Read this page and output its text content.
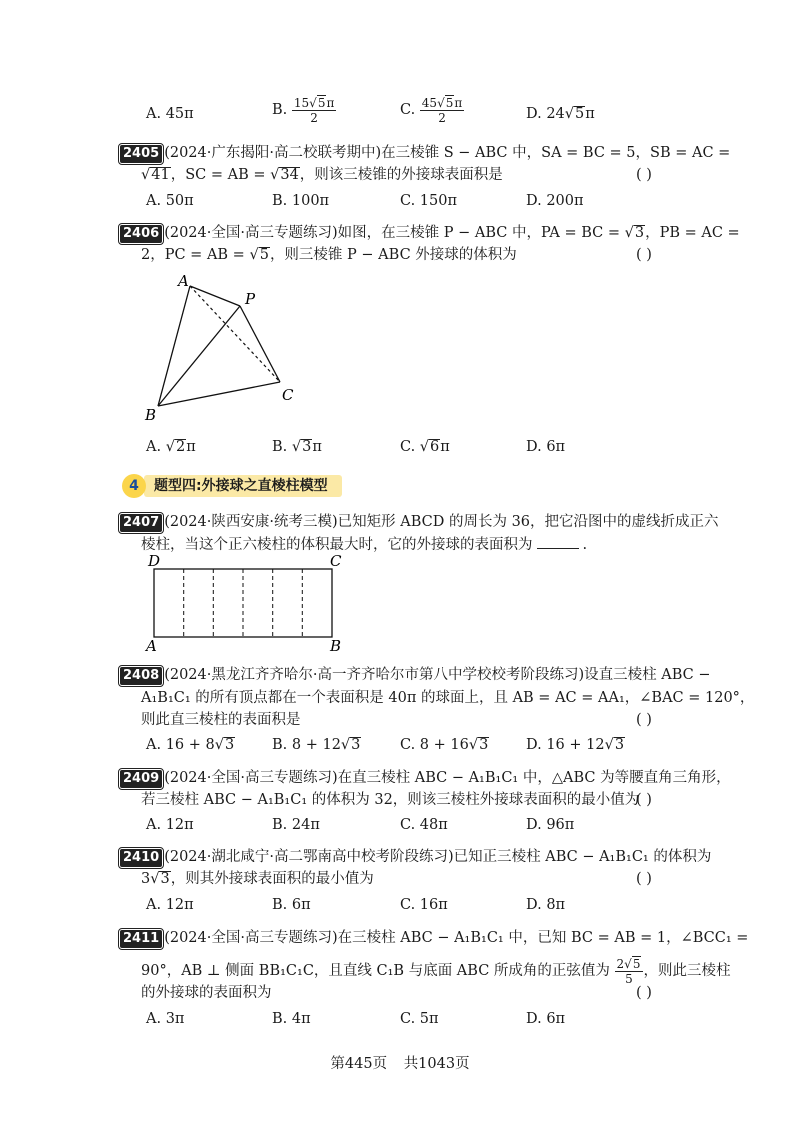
A. 45π	B. $\frac{15√5\pi}{2}$	C. $\frac{45√5\pi}{2}$	D. 24√5π
2405 (2024·广东揭阳·高二校联考期中)在三棱锥 S − ABC 中，SA = BC = 5，SB = AC =
√41，SC = AB = √34，则该三棱锥的外接球表面积是	( )
A. 50π	B. 100π	C. 150π	D. 200π
2406 (2024·全国·高三专题练习)如图，在三棱锥 P − ABC 中，PA = BC = √3，PB = AC =
2，PC = AB = √5，则三棱锥 P − ABC 外接球的体积为	( )
A
P
B
C
A. √2π	B. √3π	C. √6π	D. 6π
题型四:外接球之直棱柱模型
4
2407 (2024·陕西安康·统考三模)已知矩形 ABCD 的周长为 36，把它沿图中的虚线折成正六
棱柱，当这个正六棱柱的体积最大时，它的外接球的表面积为	.
D	C
A	B
2408 (2024·黑龙江齐齐哈尔·高一齐齐哈尔市第八中学校校考阶段练习)设直三棱柱 ABC −
A₁B₁C₁ 的所有顶点都在一个表面积是 40π 的球面上，且 AB = AC = AA₁，∠BAC = 120°，
则此直三棱柱的表面积是	( )
A. 16 + 8√3	B. 8 + 12√3	C. 8 + 16√3	D. 16 + 12√3
2409 (2024·全国·高三专题练习)在直三棱柱 ABC − A₁B₁C₁ 中，△ABC 为等腰直角三角形，
若三棱柱 ABC − A₁B₁C₁ 的体积为 32，则该三棱柱外接球表面积的最小值为
( )
A. 12π	B. 24π	C. 48π	D. 96π
2410 (2024·湖北咸宁·高二鄂南高中校考阶段练习)已知正三棱柱 ABC − A₁B₁C₁ 的体积为
3√3，则其外接球表面积的最小值为	( )
A. 12π	B. 6π	C. 16π	D. 8π
2411 (2024·全国·高三专题练习)在三棱柱 ABC − A₁B₁C₁ 中，已知 BC = AB = 1，∠BCC₁ =
90°，AB ⊥ 侧面 BB₁C₁C，且直线 C₁B 与底面 ABC 所成角的正弦值为 $\frac{2√5}{5}$ ，则此三棱柱
的外接球的表面积为	( )
A. 3π	B. 4π	C. 5π	D. 6π
第445页 共1043页
